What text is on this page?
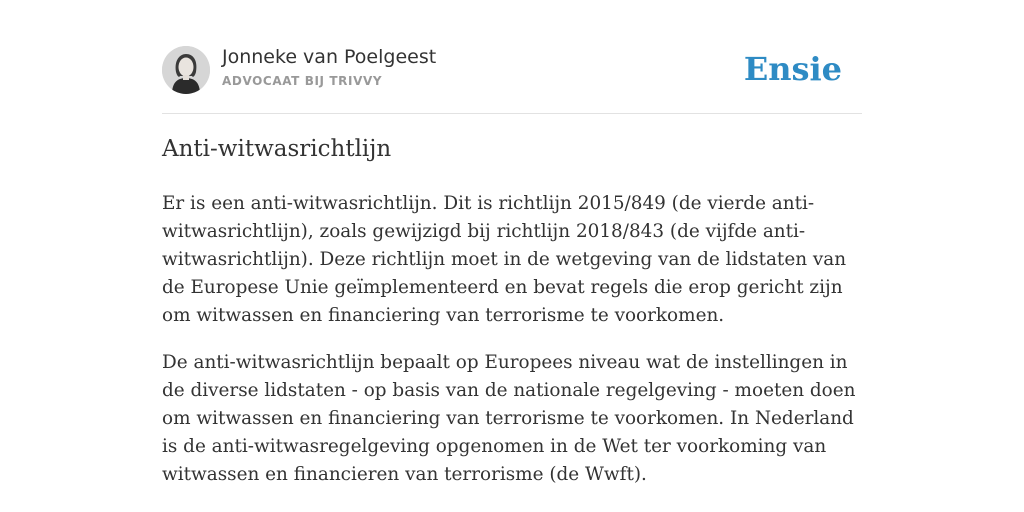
Jonneke van Poelgeest
ADVOCAAT BIJ TRIVVY	Ensie
Anti-witwasrichtlijn

Er is een anti-witwasrichtlijn. Dit is richtlijn 2015/849 (de vierde anti-witwasrichtlijn), zoals gewijzigd bij richtlijn 2018/843 (de vijfde anti-witwasrichtlijn). Deze richtlijn moet in de wetgeving van de lidstaten van de Europese Unie geïmplementeerd en bevat regels die erop gericht zijn om witwassen en financiering van terrorisme te voorkomen.

De anti-witwasrichtlijn bepaalt op Europees niveau wat de instellingen in de diverse lidstaten - op basis van de nationale regelgeving - moeten doen om witwassen en financiering van terrorisme te voorkomen. In Nederland is de anti-witwasregelgeving opgenomen in de Wet ter voorkoming van witwassen en financieren van terrorisme (de Wwft).
